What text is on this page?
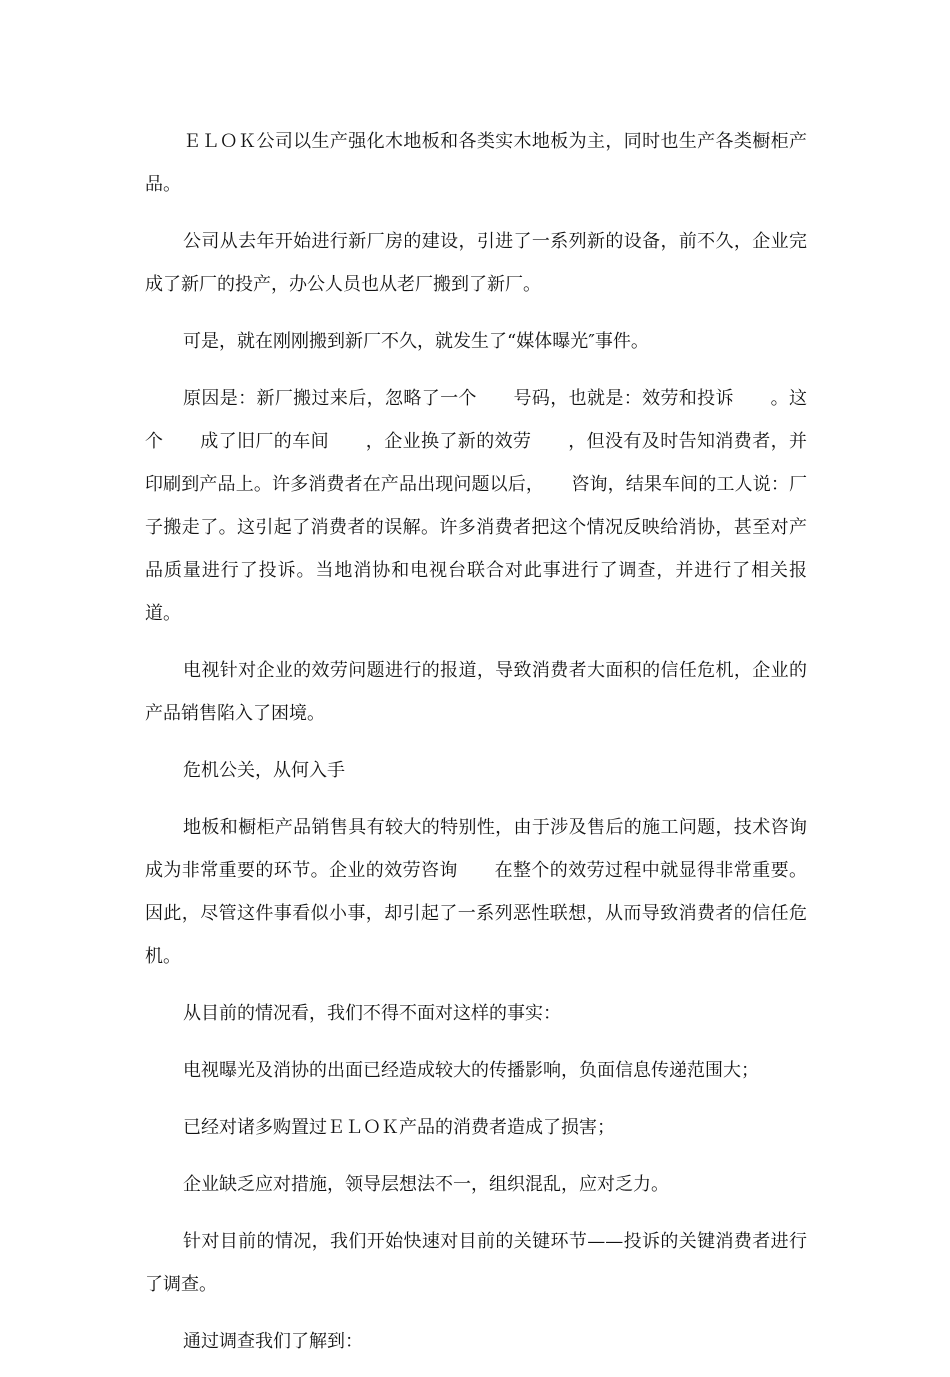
ＥＬＯＫ公司以生产强化木地板和各类实木地板为主，同时也生产各类橱柜产品。

公司从去年开始进行新厂房的建设，引进了一系列新的设备，前不久，企业完成了新厂的投产，办公人员也从老厂搬到了新厂。

可是，就在刚刚搬到新厂不久，就发生了“媒体曝光″事件。

原因是：新厂搬过来后，忽略了一个　　号码，也就是：效劳和投诉　　。这个　　成了旧厂的车间　　，企业换了新的效劳　　，但没有及时告知消费者，并印刷到产品上。许多消费者在产品出现问题以后，　　咨询，结果车间的工人说：厂子搬走了。这引起了消费者的误解。许多消费者把这个情况反映给消协，甚至对产品质量进行了投诉。当地消协和电视台联合对此事进行了调查，并进行了相关报道。

电视针对企业的效劳问题进行的报道，导致消费者大面积的信任危机，企业的产品销售陷入了困境。

危机公关，从何入手

地板和橱柜产品销售具有较大的特别性，由于涉及售后的施工问题，技术咨询成为非常重要的环节。企业的效劳咨询　　在整个的效劳过程中就显得非常重要。因此，尽管这件事看似小事，却引起了一系列恶性联想，从而导致消费者的信任危机。

从目前的情况看，我们不得不面对这样的事实：

电视曝光及消协的出面已经造成较大的传播影响，负面信息传递范围大；

已经对诸多购置过ＥＬＯＫ产品的消费者造成了损害；

企业缺乏应对措施，领导层想法不一，组织混乱，应对乏力。

针对目前的情况，我们开始快速对目前的关键环节——投诉的关键消费者进行了调查。

通过调查我们了解到：
